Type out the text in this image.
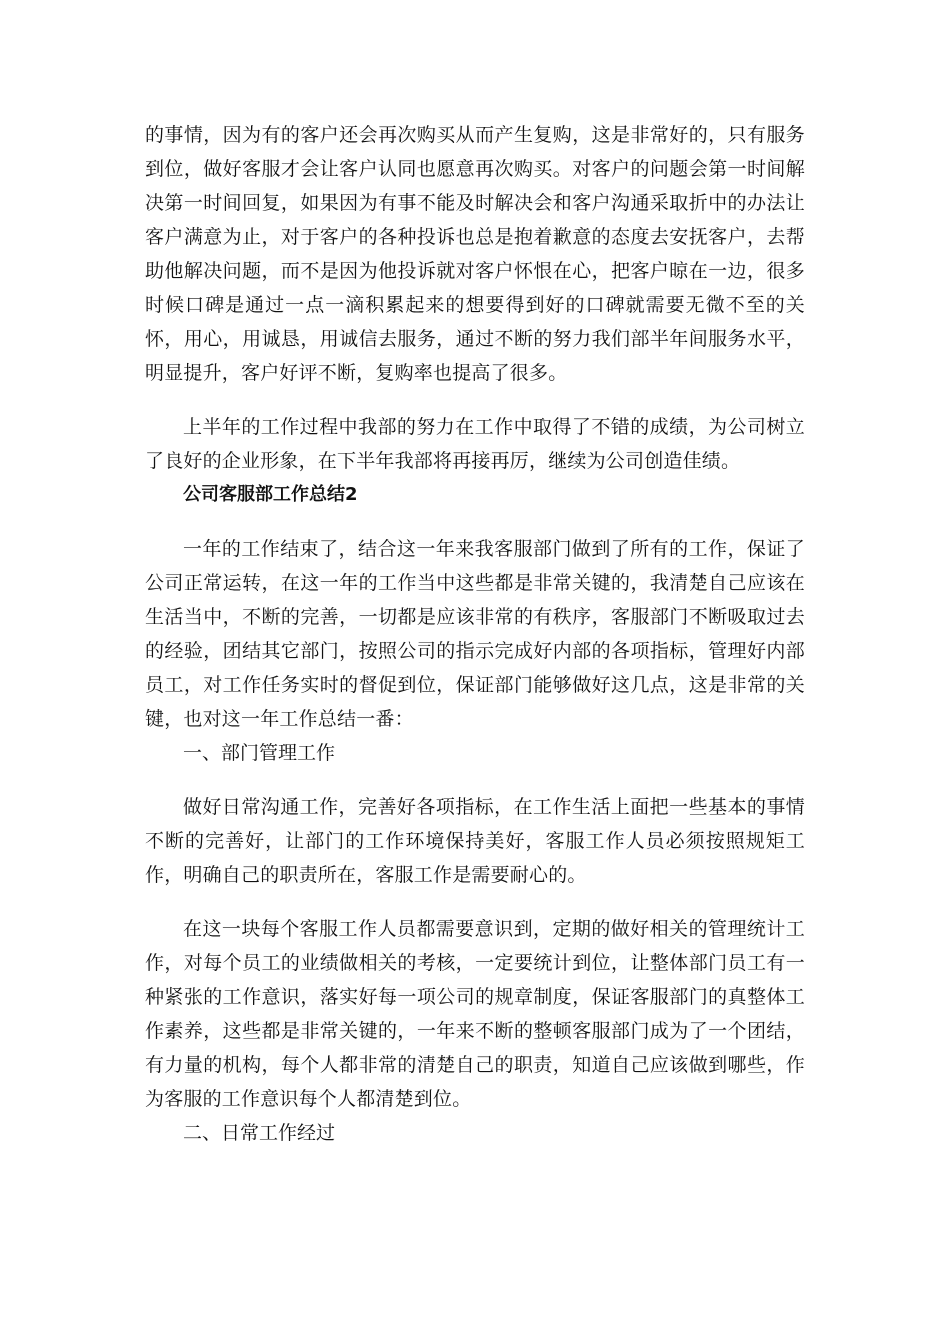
的事情，因为有的客户还会再次购买从而产生复购，这是非常好的，只有服务到位，做好客服才会让客户认同也愿意再次购买。对客户的问题会第一时间解决第一时间回复，如果因为有事不能及时解决会和客户沟通采取折中的办法让客户满意为止，对于客户的各种投诉也总是抱着歉意的态度去安抚客户，去帮助他解决问题，而不是因为他投诉就对客户怀恨在心，把客户晾在一边，很多时候口碑是通过一点一滴积累起来的想要得到好的口碑就需要无微不至的关怀，用心，用诚恳，用诚信去服务，通过不断的努力我们部半年间服务水平，明显提升，客户好评不断，复购率也提高了很多。

上半年的工作过程中我部的努力在工作中取得了不错的成绩，为公司树立了良好的企业形象，在下半年我部将再接再厉，继续为公司创造佳绩。

公司客服部工作总结2

一年的工作结束了，结合这一年来我客服部门做到了所有的工作，保证了公司正常运转，在这一年的工作当中这些都是非常关键的，我清楚自己应该在生活当中，不断的完善，一切都是应该非常的有秩序，客服部门不断吸取过去的经验，团结其它部门，按照公司的指示完成好内部的各项指标，管理好内部员工，对工作任务实时的督促到位，保证部门能够做好这几点，这是非常的关键，也对这一年工作总结一番：

一、部门管理工作

做好日常沟通工作，完善好各项指标，在工作生活上面把一些基本的事情不断的完善好，让部门的工作环境保持美好，客服工作人员必须按照规矩工作，明确自己的职责所在，客服工作是需要耐心的。

在这一块每个客服工作人员都需要意识到，定期的做好相关的管理统计工作，对每个员工的业绩做相关的考核，一定要统计到位，让整体部门员工有一种紧张的工作意识，落实好每一项公司的规章制度，保证客服部门的真整体工作素养，这些都是非常关键的，一年来不断的整顿客服部门成为了一个团结，有力量的机构，每个人都非常的清楚自己的职责，知道自己应该做到哪些，作为客服的工作意识每个人都清楚到位。

二、日常工作经过
